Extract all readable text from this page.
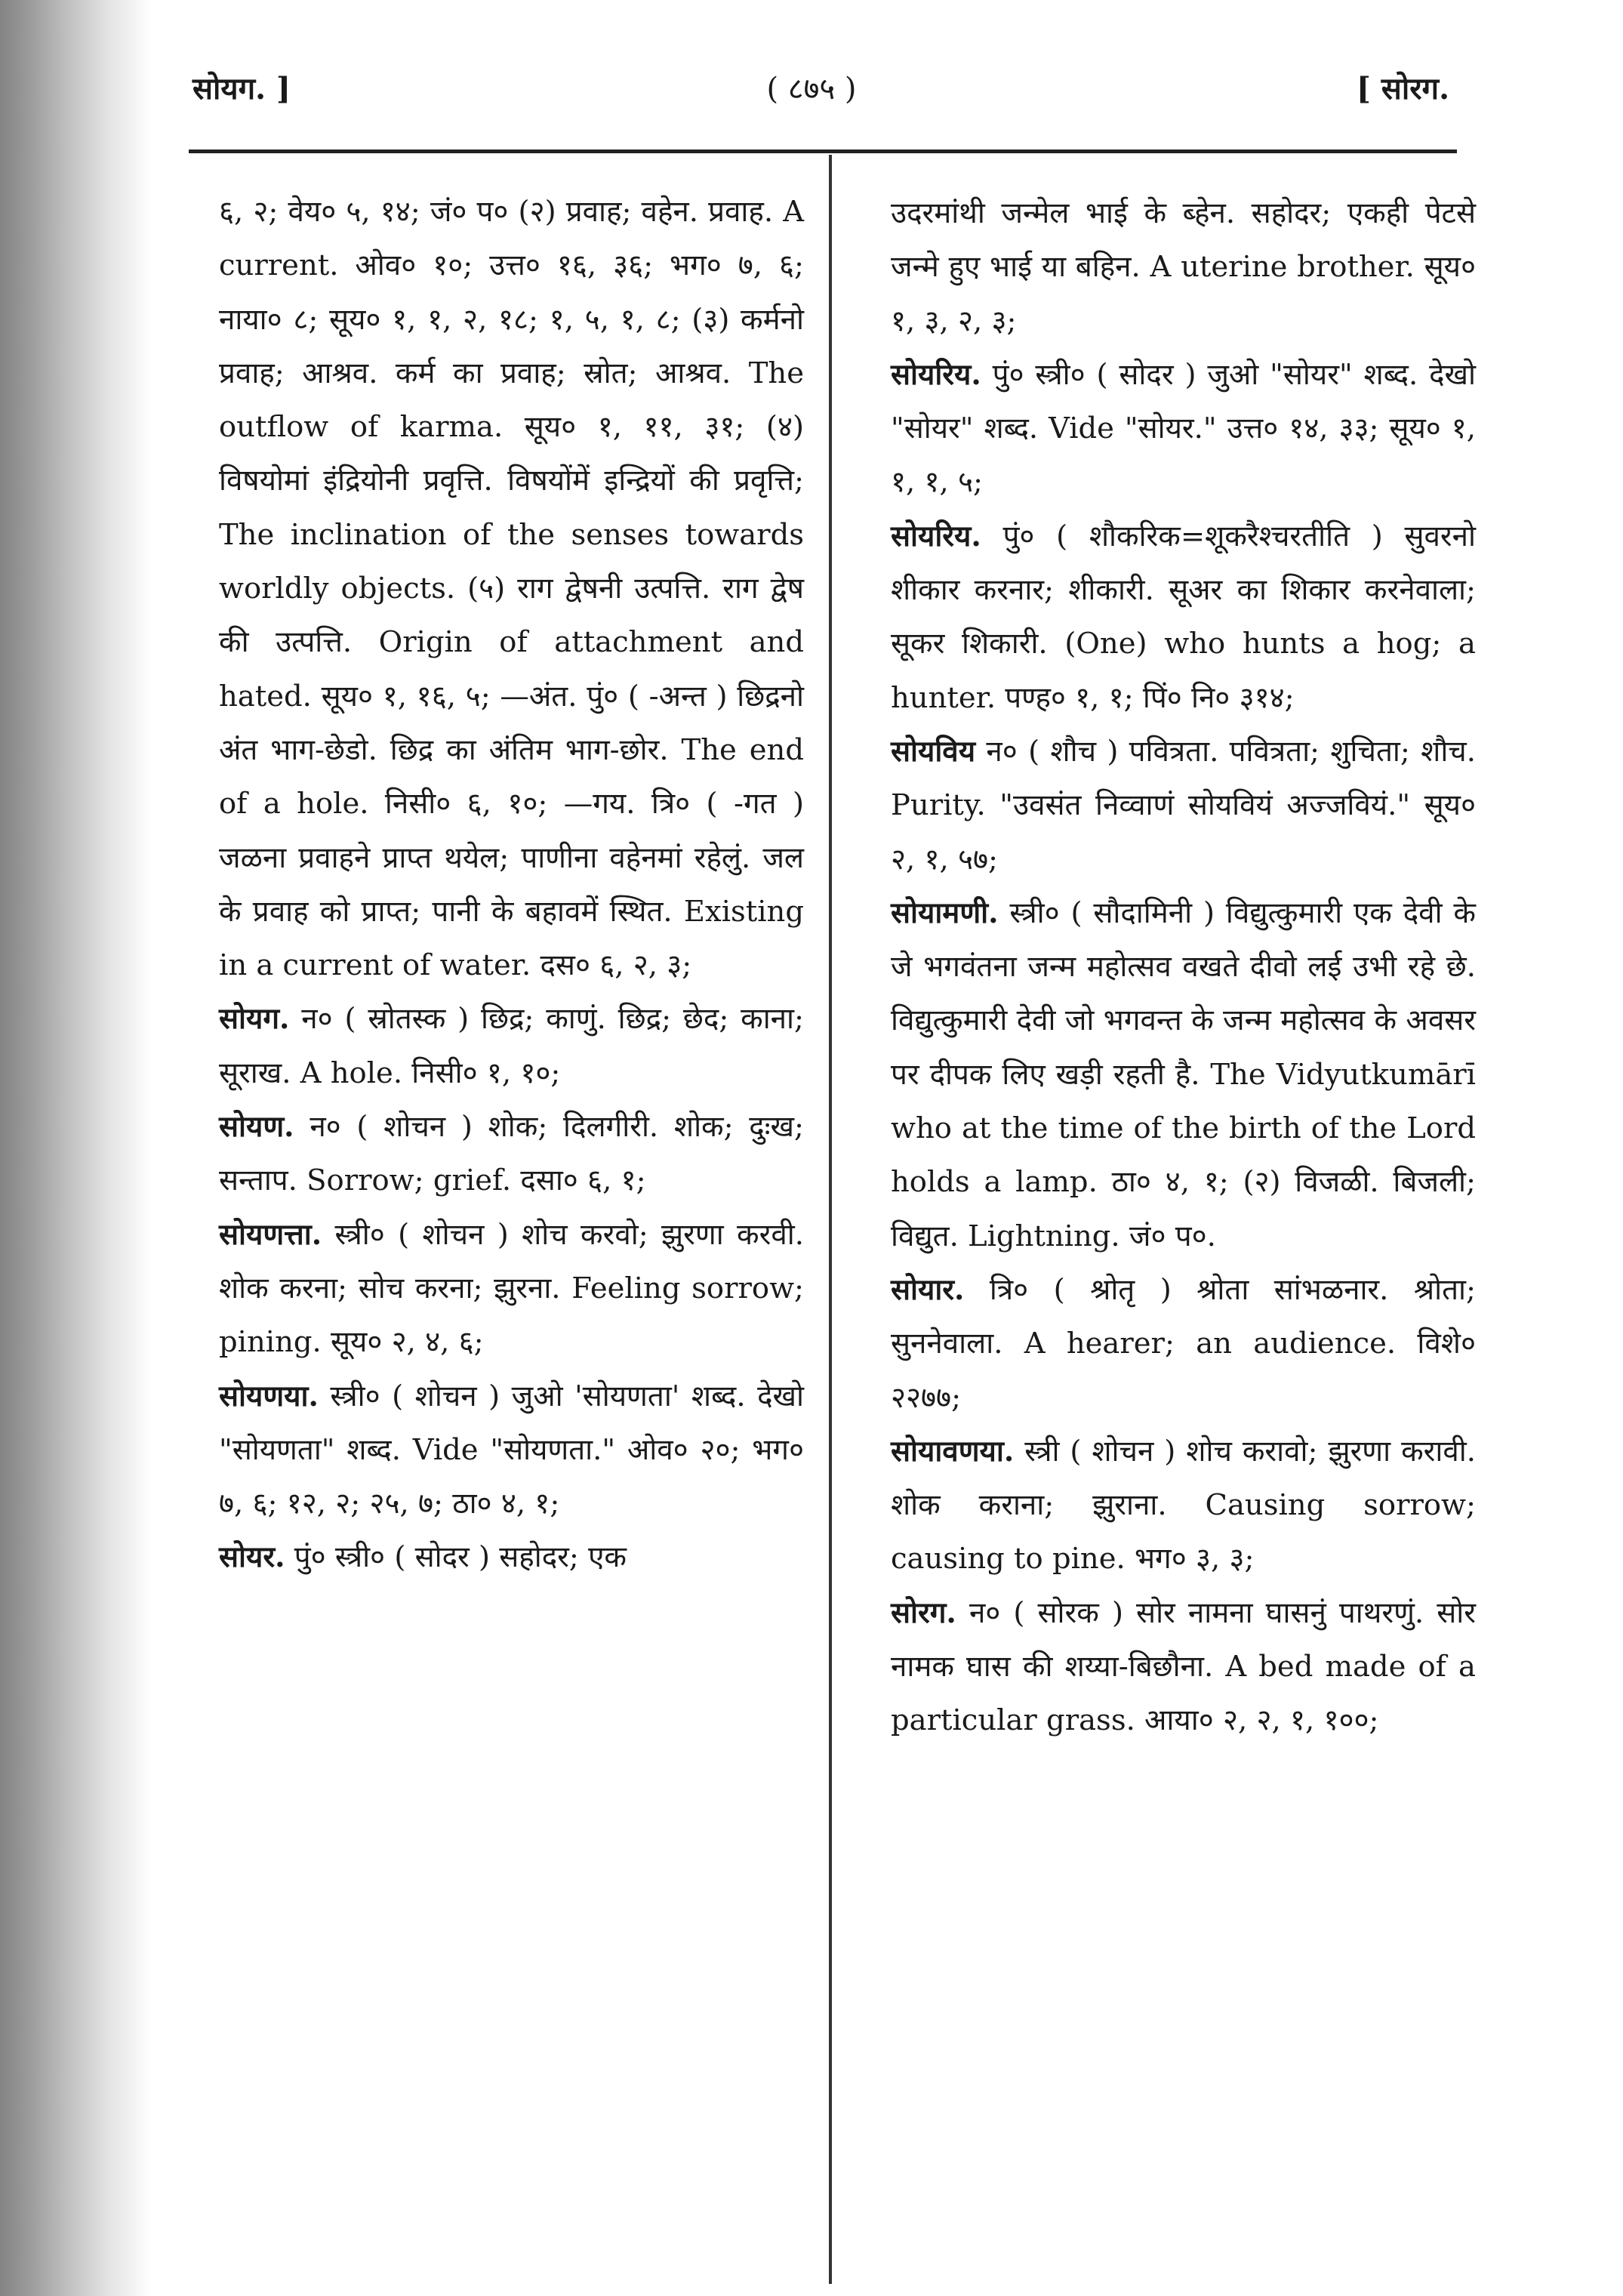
सोयग. ]	( ८७५ )	[ सोरग.

६, २; वेय० ५, १४; जं० प० (२) प्रवाह; वहेन. प्रवाह. A current. ओव० १०; उत्त० १६, ३६; भग० ७, ६; नाया० ८; सूय० १, १, २, १८; १, ५, १, ८; (३) कर्मनो प्रवाह; आश्रव. कर्म का प्रवाह; स्रोत; आश्रव. The outflow of karma. सूय० १, ११, ३१; (४) विषयोमां इंद्रियोनी प्रवृत्ति. विषयोंमें इन्द्रियों की प्रवृत्ति; The inclination of the senses towards worldly objects. (५) राग द्वेषनी उत्पत्ति. राग द्वेष की उत्पत्ति. Origin of attachment and hated. सूय० १, १६, ५; —अंत. पुं० ( -अन्त ) छिद्रनो अंत भाग-छेडो. छिद्र का अंतिम भाग-छोर. The end of a hole. निसी० ६, १०; —गय. त्रि० ( -गत ) जळना प्रवाहने प्राप्त थयेल; पाणीना वहेनमां रहेलुं. जल के प्रवाह को प्राप्त; पानी के बहावमें स्थित. Existing in a current of water. दस० ६, २, ३;

सोयग. न० ( स्रोतस्क ) छिद्र; काणुं. छिद्र; छेद; काना; सूराख. A hole. निसी० १, १०;

सोयण. न० ( शोचन ) शोक; दिलगीरी. शोक; दुःख; सन्ताप. Sorrow; grief. दसा० ६, १;

सोयणत्ता. स्त्री० ( शोचन ) शोच करवो; झुरणा करवी. शोक करना; सोच करना; झुरना. Feeling sorrow; pining. सूय० २, ४, ६;

सोयणया. स्त्री० ( शोचन ) जुओ 'सोयणता' शब्द. देखो "सोयणता" शब्द. Vide "सोयणता." ओव० २०; भग० ७, ६; १२, २; २५, ७; ठा० ४, १;

सोयर. पुं० स्त्री० ( सोदर ) सहोदर; एक

उदरमांथी जन्मेल भाई के ब्हेन. सहोदर; एकही पेटसे जन्मे हुए भाई या बहिन. A uterine brother. सूय० १, ३, २, ३;

सोयरिय. पुं० स्त्री० ( सोदर ) जुओ "सोयर" शब्द. देखो "सोयर" शब्द. Vide "सोयर." उत्त० १४, ३३; सूय० १, १, १, ५;

सोयरिय. पुं० ( शौकरिक=शूकरैश्चरतीति ) सुवरनो शीकार करनार; शीकारी. सूअर का शिकार करनेवाला; सूकर शिकारी. (One) who hunts a hog; a hunter. पण्ह० १, १; पिं० नि० ३१४;

सोयविय न० ( शौच ) पवित्रता. पवित्रता; शुचिता; शौच. Purity. "उवसंत निव्वाणं सोयवियं अज्जवियं." सूय० २, १, ५७;

सोयामणी. स्त्री० ( सौदामिनी ) विद्युत्कुमारी एक देवी के जे भगवंतना जन्म महोत्सव वखते दीवो लई उभी रहे छे. विद्युत्कुमारी देवी जो भगवन्त के जन्म महोत्सव के अवसर पर दीपक लिए खड़ी रहती है. The Vidyutkumārī who at the time of the birth of the Lord holds a lamp. ठा० ४, १; (२) विजळी. बिजली; विद्युत. Lightning. जं० प०.

सोयार. त्रि० ( श्रोतृ ) श्रोता सांभळनार. श्रोता; सुननेवाला. A hearer; an audience. विशे० २२७७;

सोयावणया. स्त्री ( शोचन ) शोच करावो; झुरणा करावी. शोक कराना; झुराना. Causing sorrow; causing to pine. भग० ३, ३;

सोरग. न० ( सोरक ) सोर नामना घासनुं पाथरणुं. सोर नामक घास की शय्या-बिछौना. A bed made of a particular grass. आया० २, २, १, १००;
